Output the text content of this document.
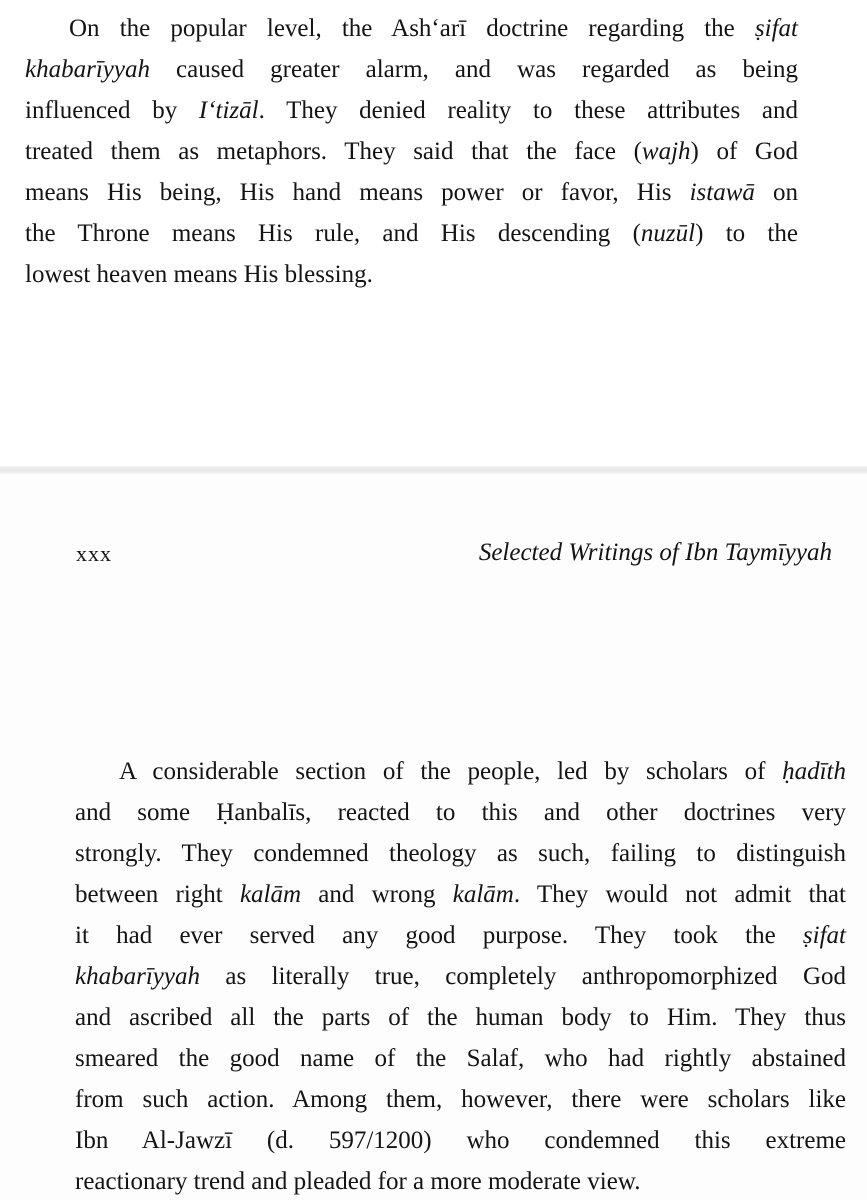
On the popular level, the Ash‘arī doctrine regarding the ṣifat
khabarīyyah caused greater alarm, and was regarded as being
influenced by I‘tizāl. They denied reality to these attributes and
treated them as metaphors. They said that the face (wajh) of God
means His being, His hand means power or favor, His istawā on
the Throne means His rule, and His descending (nuzūl) to the
lowest heaven means His blessing.
xxx	Selected Writings of Ibn Taymīyyah
A considerable section of the people, led by scholars of ḥadīth
and some Ḥanbalīs, reacted to this and other doctrines very
strongly. They condemned theology as such, failing to distinguish
between right kalām and wrong kalām. They would not admit that
it had ever served any good purpose. They took the ṣifat
khabarīyyah as literally true, completely anthropomorphized God
and ascribed all the parts of the human body to Him. They thus
smeared the good name of the Salaf, who had rightly abstained
from such action. Among them, however, there were scholars like
Ibn Al-Jawzī (d. 597/1200) who condemned this extreme
reactionary trend and pleaded for a more moderate view.
